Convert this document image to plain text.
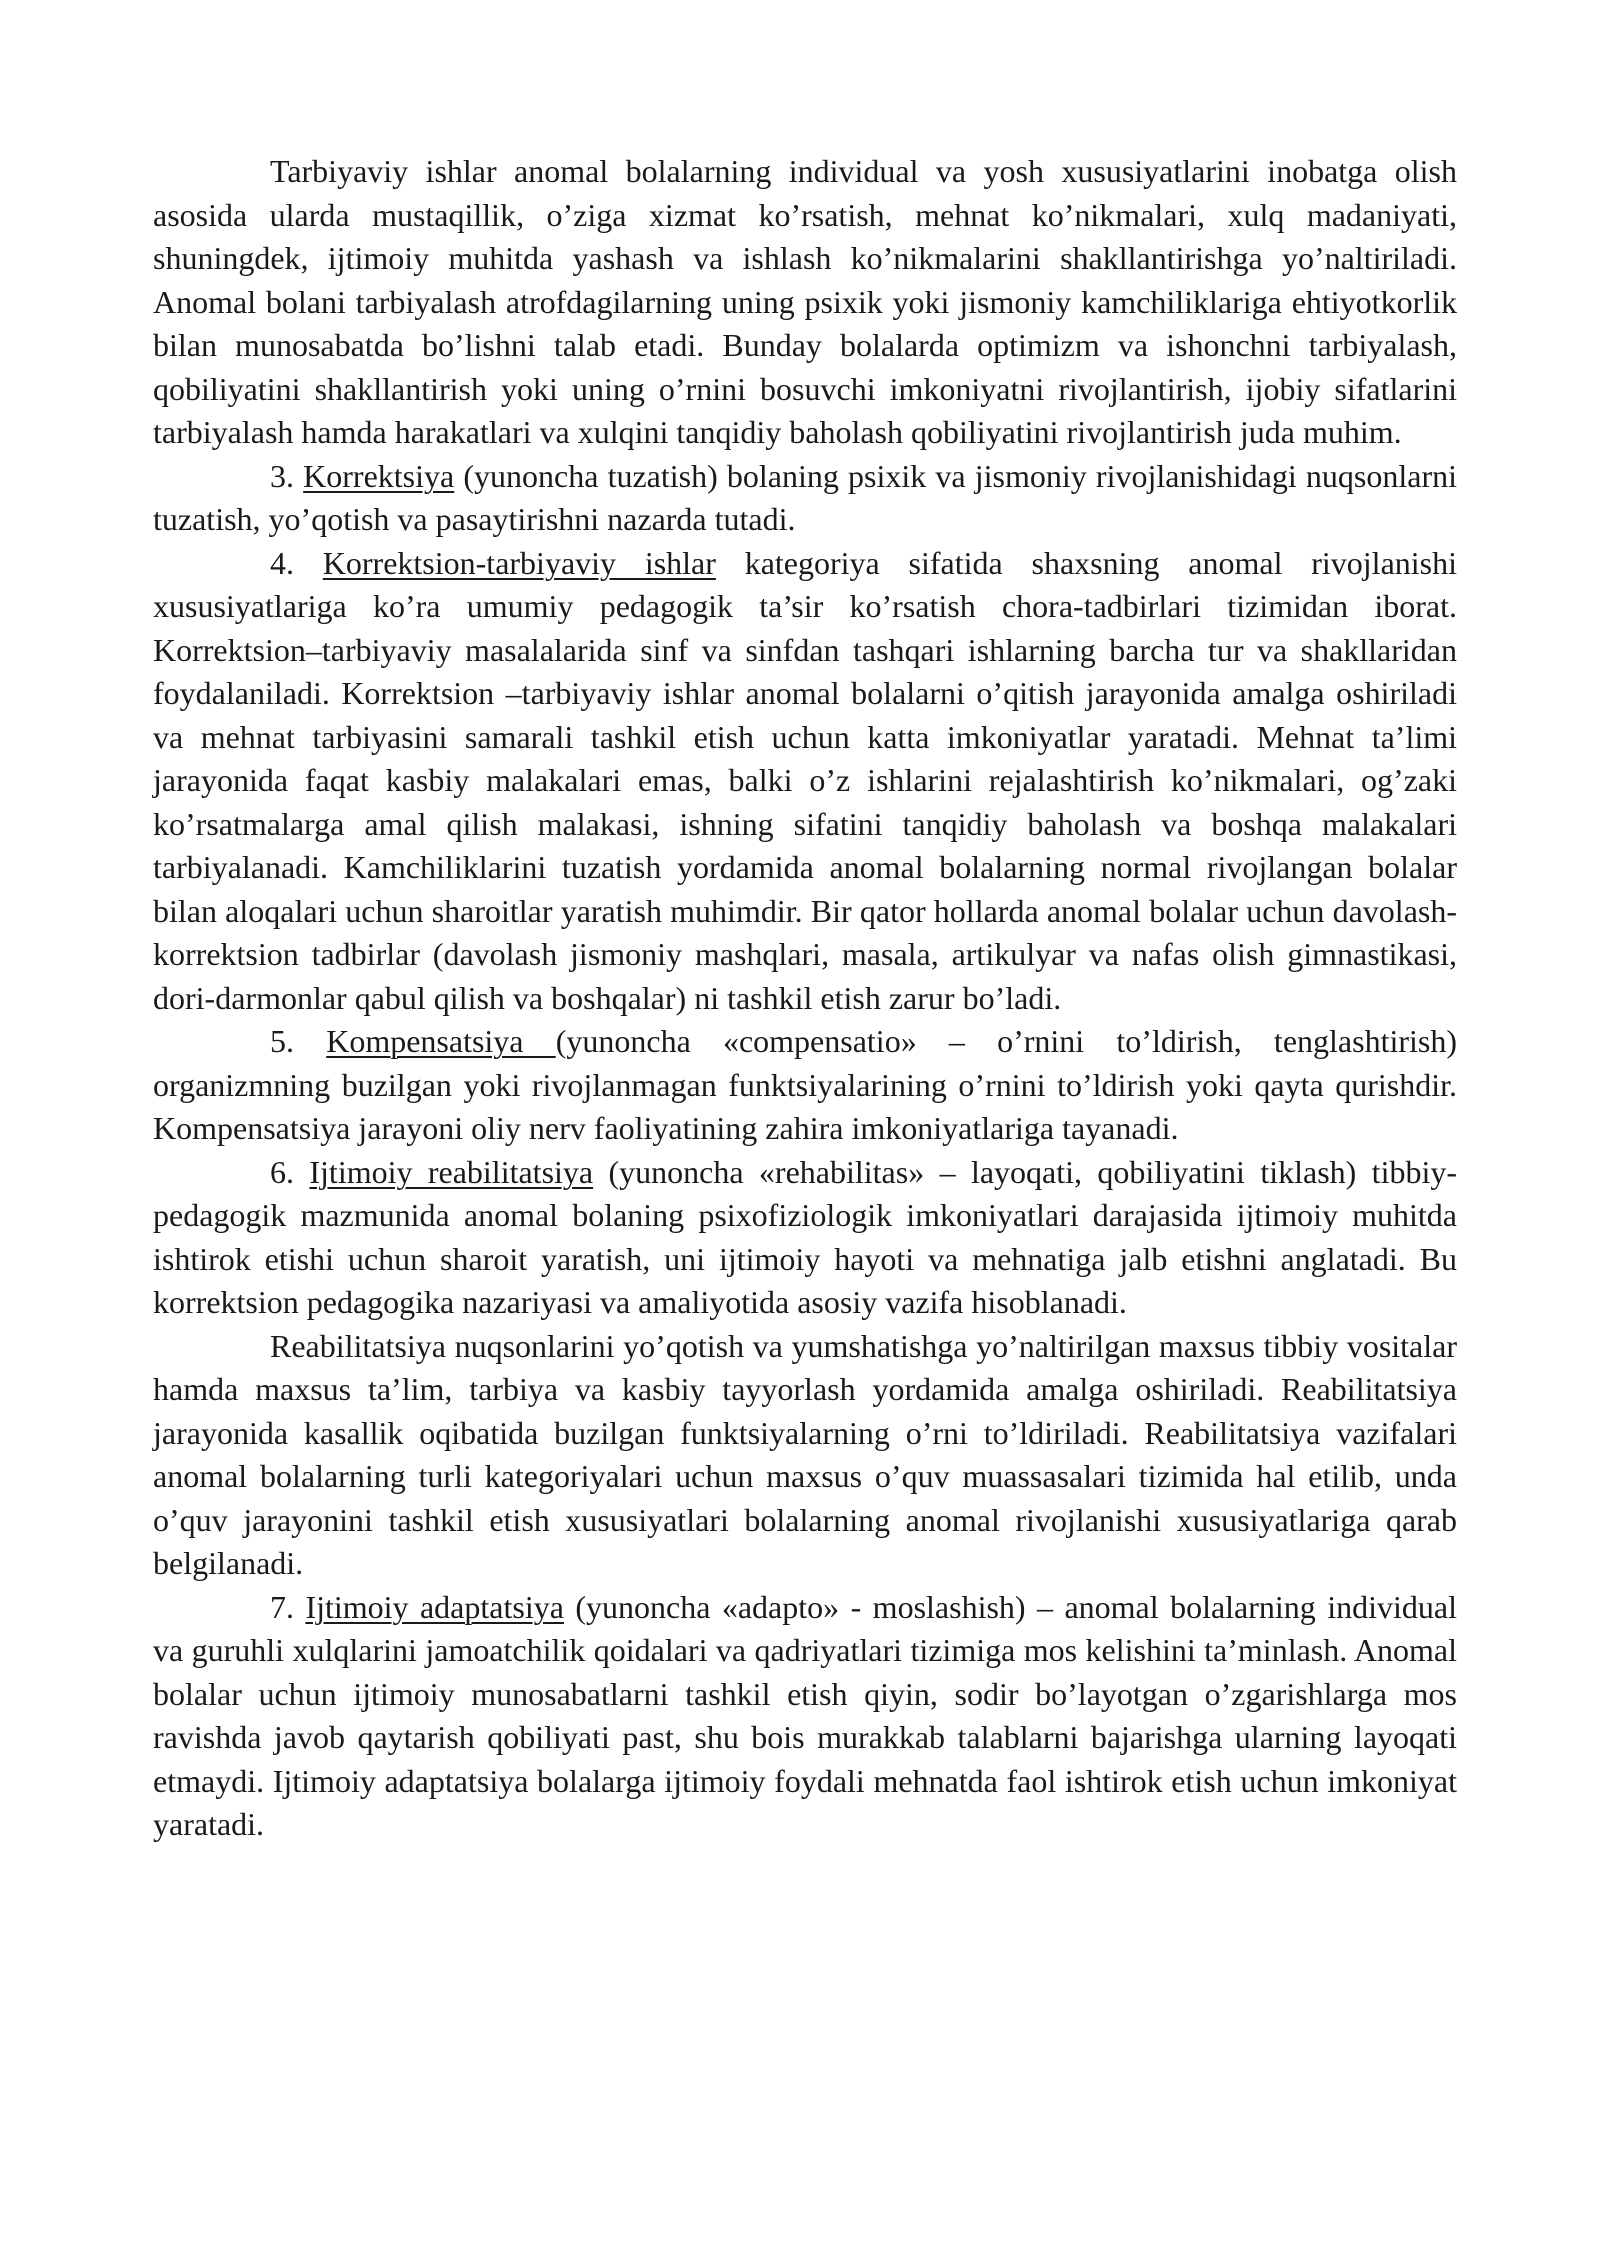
Tarbiyaviy ishlar anomal bolalarning individual va yosh xususiyatlarini inobatga olish asosida ularda mustaqillik, o’ziga xizmat ko’rsatish, mehnat ko’nikmalari, xulq madaniyati, shuningdek, ijtimoiy muhitda yashash va ishlash ko’nikmalarini shakllantirishga yo’naltiriladi. Anomal bolani tarbiyalash atrofdagilarning uning psixik yoki jismoniy kamchiliklariga ehtiyotkorlik bilan munosabatda bo’lishni talab etadi. Bunday bolalarda optimizm va ishonchni tarbiyalash, qobiliyatini shakllantirish yoki uning o’rnini bosuvchi imkoniyatni rivojlantirish, ijobiy sifatlarini tarbiyalash hamda harakatlari va xulqini tanqidiy baholash qobiliyatini rivojlantirish juda muhim.

3. Korrektsiya (yunoncha tuzatish) bolaning psixik va jismoniy rivojlanishidagi nuqsonlarni tuzatish, yo’qotish va pasaytirishni nazarda tutadi.

4. Korrektsion-tarbiyaviy ishlar kategoriya sifatida shaxsning anomal rivojlanishi xususiyatlariga ko’ra umumiy pedagogik ta’sir ko’rsatish chora-tadbirlari tizimidan iborat. Korrektsion–tarbiyaviy masalalarida sinf va sinfdan tashqari ishlarning barcha tur va shakllaridan foydalaniladi. Korrektsion –tarbiyaviy ishlar anomal bolalarni o’qitish jarayonida amalga oshiriladi va mehnat tarbiyasini samarali tashkil etish uchun katta imkoniyatlar yaratadi. Mehnat ta’limi jarayonida faqat kasbiy malakalari emas, balki o’z ishlarini rejalashtirish ko’nikmalari, og’zaki ko’rsatmalarga amal qilish malakasi, ishning sifatini tanqidiy baholash va boshqa malakalari tarbiyalanadi. Kamchiliklarini tuzatish yordamida anomal bolalarning normal rivojlangan bolalar bilan aloqalari uchun sharoitlar yaratish muhimdir. Bir qator hollarda anomal bolalar uchun davolash-korrektsion tadbirlar (davolash jismoniy mashqlari, masala, artikulyar va nafas olish gimnastikasi, dori-darmonlar qabul qilish va boshqalar) ni tashkil etish zarur bo’ladi.

5. Kompensatsiya (yunoncha «compensatio» – o’rnini to’ldirish, tenglashtirish) organizmning buzilgan yoki rivojlanmagan funktsiyalarining o’rnini to’ldirish yoki qayta qurishdir. Kompensatsiya jarayoni oliy nerv faoliyatining zahira imkoniyatlariga tayanadi.

6. Ijtimoiy reabilitatsiya (yunoncha «rehabilitas» – layoqati, qobiliyatini tiklash) tibbiy-pedagogik mazmunida anomal bolaning psixofiziologik imkoniyatlari darajasida ijtimoiy muhitda ishtirok etishi uchun sharoit yaratish, uni ijtimoiy hayoti va mehnatiga jalb etishni anglatadi. Bu korrektsion pedagogika nazariyasi va amaliyotida asosiy vazifa hisoblanadi.

Reabilitatsiya nuqsonlarini yo’qotish va yumshatishga yo’naltirilgan maxsus tibbiy vositalar hamda maxsus ta’lim, tarbiya va kasbiy tayyorlash yordamida amalga oshiriladi. Reabilitatsiya jarayonida kasallik oqibatida buzilgan funktsiyalarning o’rni to’ldiriladi. Reabilitatsiya vazifalari anomal bolalarning turli kategoriyalari uchun maxsus o’quv muassasalari tizimida hal etilib, unda o’quv jarayonini tashkil etish xususiyatlari bolalarning anomal rivojlanishi xususiyatlariga qarab belgilanadi.

7. Ijtimoiy adaptatsiya (yunoncha «adapto» - moslashish) – anomal bolalarning individual va guruhli xulqlarini jamoatchilik qoidalari va qadriyatlari tizimiga mos kelishini ta’minlash. Anomal bolalar uchun ijtimoiy munosabatlarni tashkil etish qiyin, sodir bo’layotgan o’zgarishlarga mos ravishda javob qaytarish qobiliyati past, shu bois murakkab talablarni bajarishga ularning layoqati etmaydi. Ijtimoiy adaptatsiya bolalarga ijtimoiy foydali mehnatda faol ishtirok etish uchun imkoniyat yaratadi.
